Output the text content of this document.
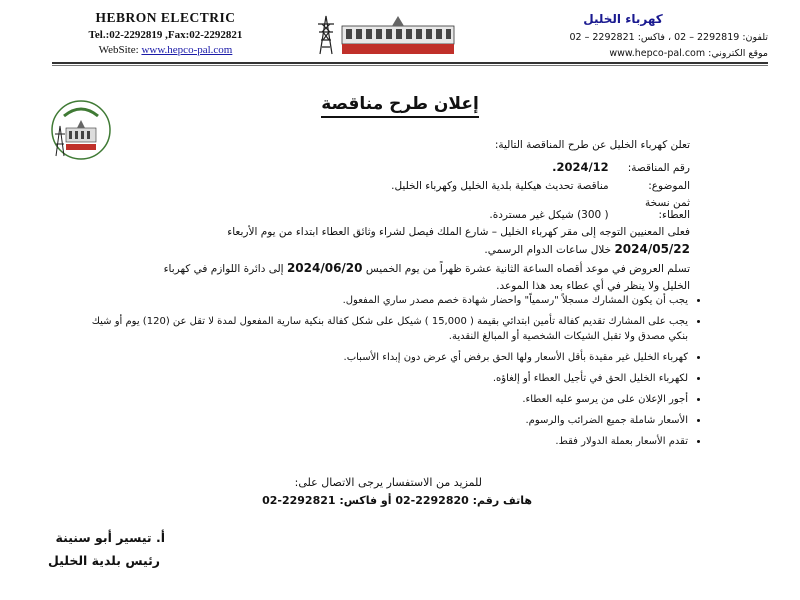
HEBRON ELECTRIC
Tel.:02-2292819 ,Fax:02-2292821
WebSite: www.hepco-pal.com
كهرباء الخليل
تلفون: 2292819 – 02 ، فاكس: 2292821 – 02
موقع الكتروني: www.hepco-pal.com
إعلان طرح مناقصة
تعلن كهرباء الخليل عن طرح المناقصة التالية:
رقم المناقصة: 2024/12.
الموضوع: مناقصة تحديث هيكلية بلدية الخليل وكهرباء الخليل.
ثمن نسخة العطاء: ( 300) شيكل غير مستردة.
فعلى المعنيين التوجه إلى مقر كهرباء الخليل – شارع الملك فيصل لشراء وثائق العطاء ابتداء من يوم الأربعاء
2024/05/22 خلال ساعات الدوام الرسمي.
تسلم العروض في موعد أقصاه الساعة الثانية عشرة ظهراً من يوم الخميس 2024/06/20 إلى دائرة اللوازم في كهرباء
الخليل ولا ينظر في أي عطاء بعد هذا الموعد.
• يجب أن يكون المشارك مسجلاً "رسمياً" واحضار شهادة خصم مصدر ساري المفعول.
• يجب على المشارك تقديم كفالة تأمين ابتدائي بقيمة ( 15,000 ) شيكل على شكل كفالة بنكية سارية المفعول لمدة لا تقل عن (120) يوم أو شيك بنكي مصدق ولا تقبل الشيكات الشخصية أو المبالغ النقدية.
• كهرباء الخليل غير مقيدة بأقل الأسعار ولها الحق برفض أي عرض دون إبداء الأسباب.
• لكهرباء الخليل الحق في تأجيل العطاء أو إلغاؤه.
• أجور الإعلان على من يرسو عليه العطاء.
• الأسعار شاملة جميع الضرائب والرسوم.
• تقدم الأسعار بعملة الدولار فقط.
للمزيد من الاستفسار يرجى الاتصال على:
هاتف رقم: 2292820-02 أو فاكس: 2292821-02
أ. تيسير أبو سنينة
رئيس بلدية الخليل
